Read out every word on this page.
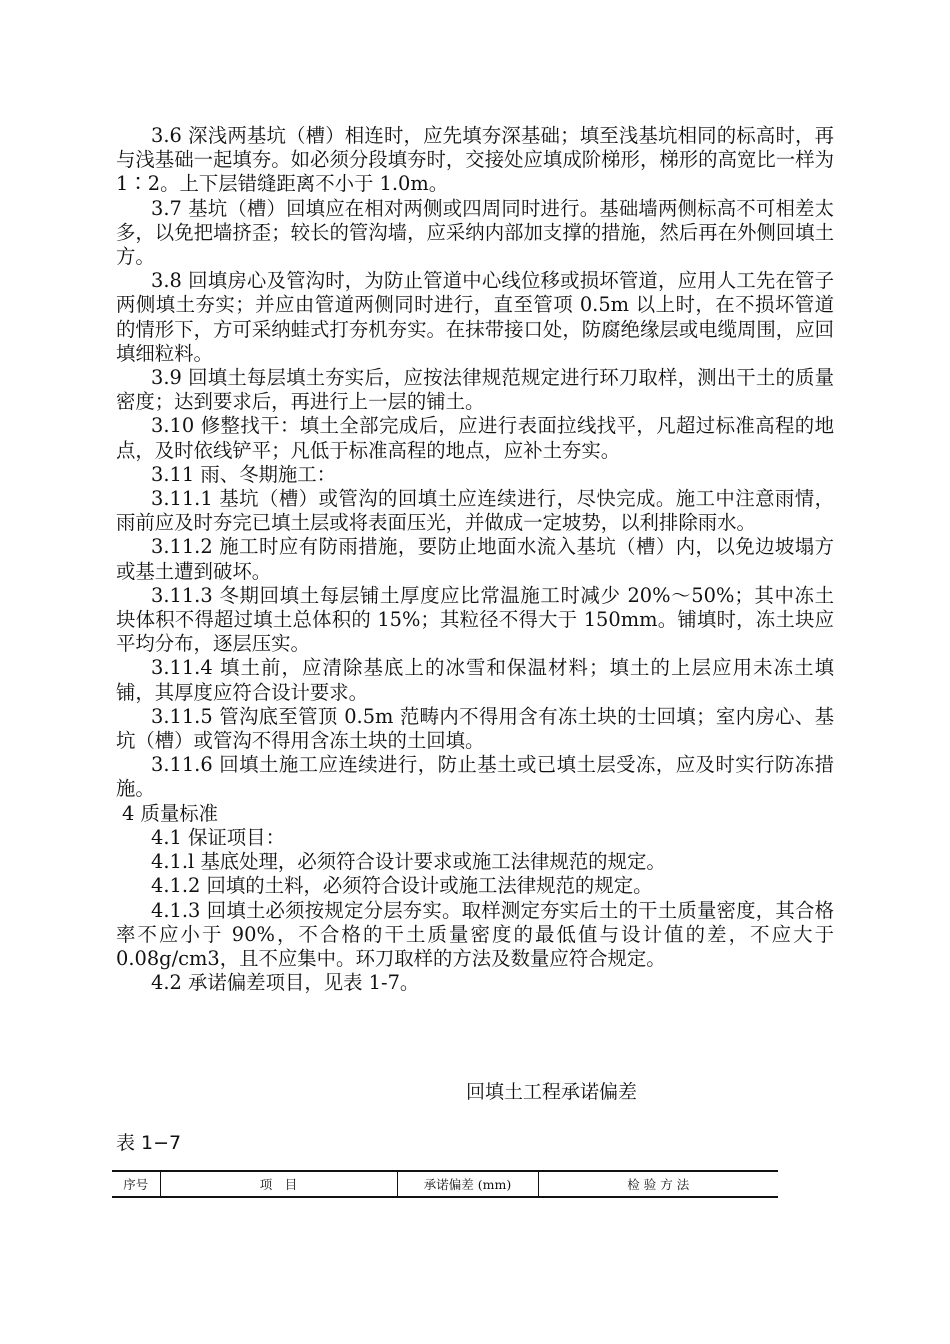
3.6 深浅两基坑（槽）相连时，应先填夯深基础；填至浅基坑相同的标高时，再与浅基础一起填夯。如必须分段填夯时，交接处应填成阶梯形，梯形的高宽比一样为 1∶2。上下层错缝距离不小于 1.0m。

3.7 基坑（槽）回填应在相对两侧或四周同时进行。基础墙两侧标高不可相差太多，以免把墙挤歪；较长的管沟墙，应采纳内部加支撑的措施，然后再在外侧回填土方。

3.8 回填房心及管沟时，为防止管道中心线位移或损坏管道，应用人工先在管子两侧填土夯实；并应由管道两侧同时进行，直至管项 0.5m 以上时，在不损坏管道的情形下，方可采纳蛙式打夯机夯实。在抹带接口处，防腐绝缘层或电缆周围，应回填细粒料。

3.9 回填土每层填土夯实后，应按法律规范规定进行环刀取样，测出干土的质量密度；达到要求后，再进行上一层的铺土。

3.10 修整找干：填土全部完成后，应进行表面拉线找平，凡超过标准高程的地点，及时依线铲平；凡低于标准高程的地点，应补土夯实。

3.11 雨、冬期施工：

3.11.1 基坑（槽）或管沟的回填土应连续进行，尽快完成。施工中注意雨情，雨前应及时夯完已填土层或将表面压光，并做成一定坡势，以利排除雨水。

3.11.2 施工时应有防雨措施，要防止地面水流入基坑（槽）内，以免边坡塌方或基土遭到破坏。

3.11.3 冬期回填土每层铺土厚度应比常温施工时减少 20%～50%；其中冻土块体积不得超过填土总体积的 15%；其粒径不得大于 150mm。铺填时，冻土块应平均分布，逐层压实。

3.11.4 填土前，应清除基底上的冰雪和保温材料；填土的上层应用未冻土填铺，其厚度应符合设计要求。

3.11.5 管沟底至管顶 0.5m 范畴内不得用含有冻土块的士回填；室内房心、基坑（槽）或管沟不得用含冻土块的土回填。

3.11.6 回填土施工应连续进行，防止基土或已填土层受冻，应及时实行防冻措施。

4 质量标准

4.1 保证项目：

4.1.l 基底处理，必须符合设计要求或施工法律规范的规定。

4.1.2 回填的土料，必须符合设计或施工法律规范的规定。

4.1.3 回填土必须按规定分层夯实。取样测定夯实后土的干土质量密度，其合格率不应小于 90%，不合格的干土质量密度的最低值与设计值的差，不应大于 0.08g/cm3，且不应集中。环刀取样的方法及数量应符合规定。

4.2 承诺偏差项目，见表 1-7。

回填土工程承诺偏差
表 1−7
序号	项　目	承诺偏差 (mm)	检 验 方 法
